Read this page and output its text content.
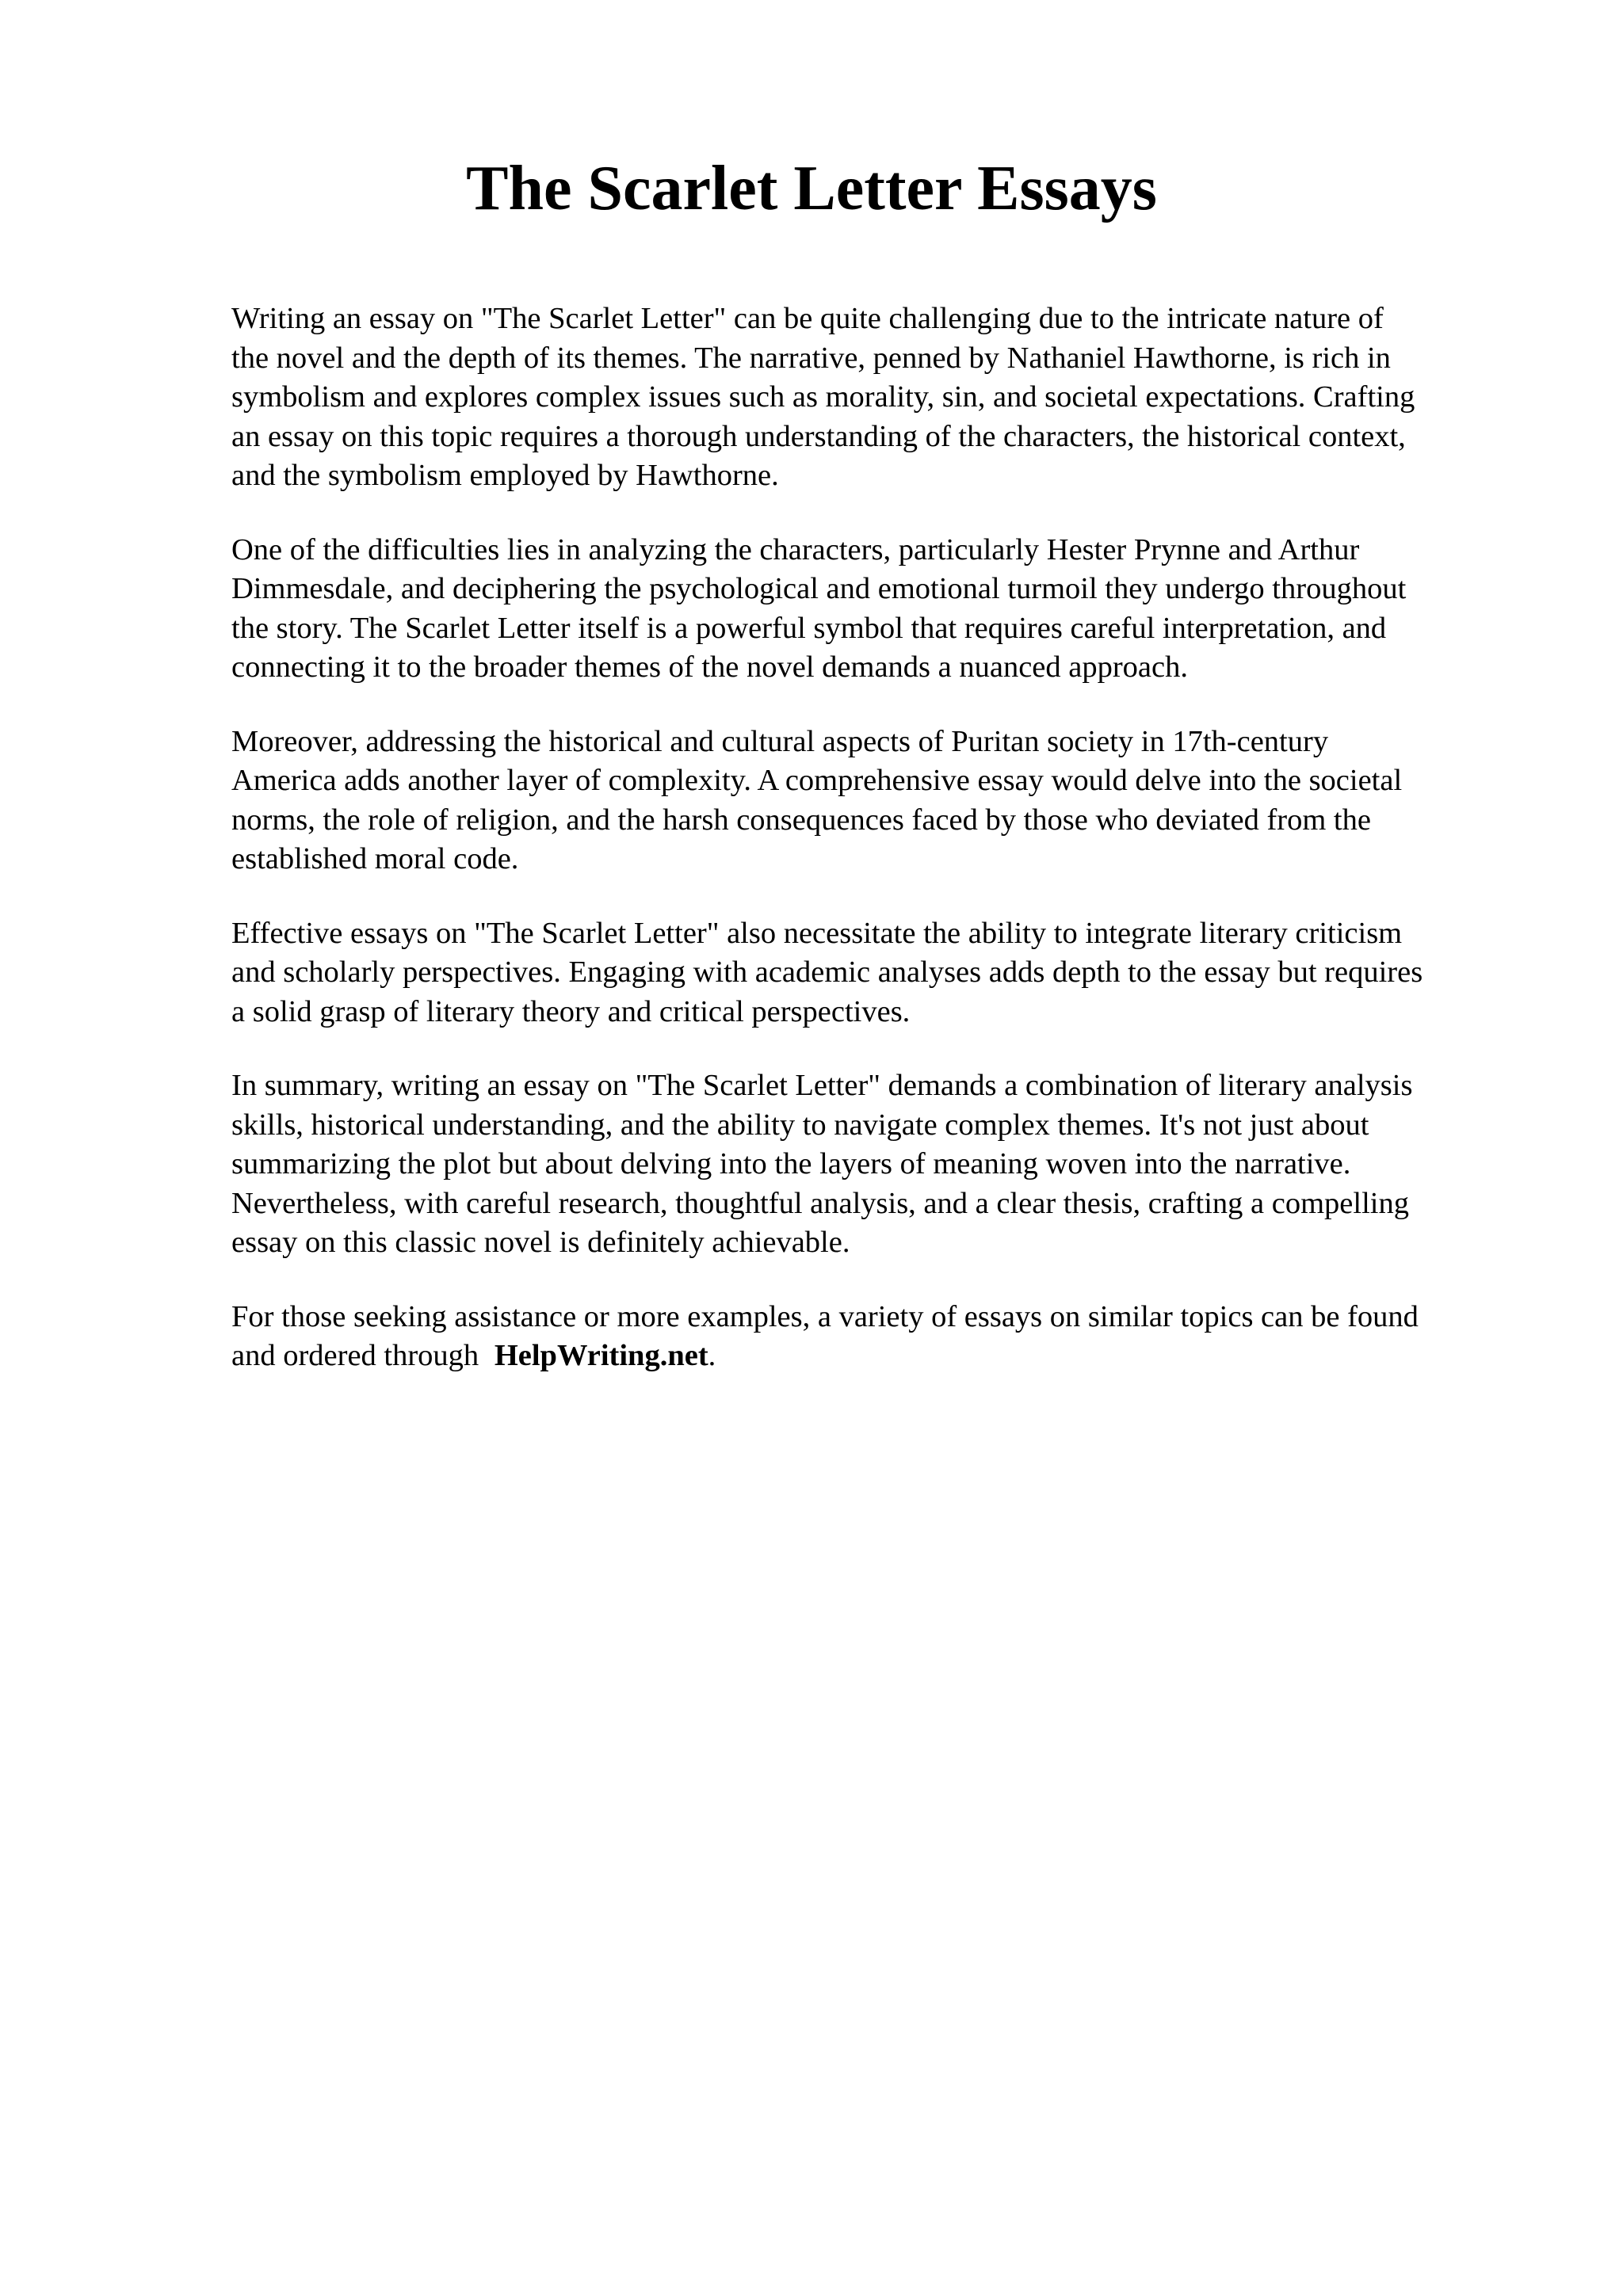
The Scarlet Letter Essays

Writing an essay on "The Scarlet Letter" can be quite challenging due to the intricate nature of
the novel and the depth of its themes. The narrative, penned by Nathaniel Hawthorne, is rich in
symbolism and explores complex issues such as morality, sin, and societal expectations. Crafting
an essay on this topic requires a thorough understanding of the characters, the historical context,
and the symbolism employed by Hawthorne.

One of the difficulties lies in analyzing the characters, particularly Hester Prynne and Arthur
Dimmesdale, and deciphering the psychological and emotional turmoil they undergo throughout
the story. The Scarlet Letter itself is a powerful symbol that requires careful interpretation, and
connecting it to the broader themes of the novel demands a nuanced approach.

Moreover, addressing the historical and cultural aspects of Puritan society in 17th-century
America adds another layer of complexity. A comprehensive essay would delve into the societal
norms, the role of religion, and the harsh consequences faced by those who deviated from the
established moral code.

Effective essays on "The Scarlet Letter" also necessitate the ability to integrate literary criticism
and scholarly perspectives. Engaging with academic analyses adds depth to the essay but requires
a solid grasp of literary theory and critical perspectives.

In summary, writing an essay on "The Scarlet Letter" demands a combination of literary analysis
skills, historical understanding, and the ability to navigate complex themes. It's not just about
summarizing the plot but about delving into the layers of meaning woven into the narrative.
Nevertheless, with careful research, thoughtful analysis, and a clear thesis, crafting a compelling
essay on this classic novel is definitely achievable.

For those seeking assistance or more examples, a variety of essays on similar topics can be found
and ordered through HelpWriting.net.
